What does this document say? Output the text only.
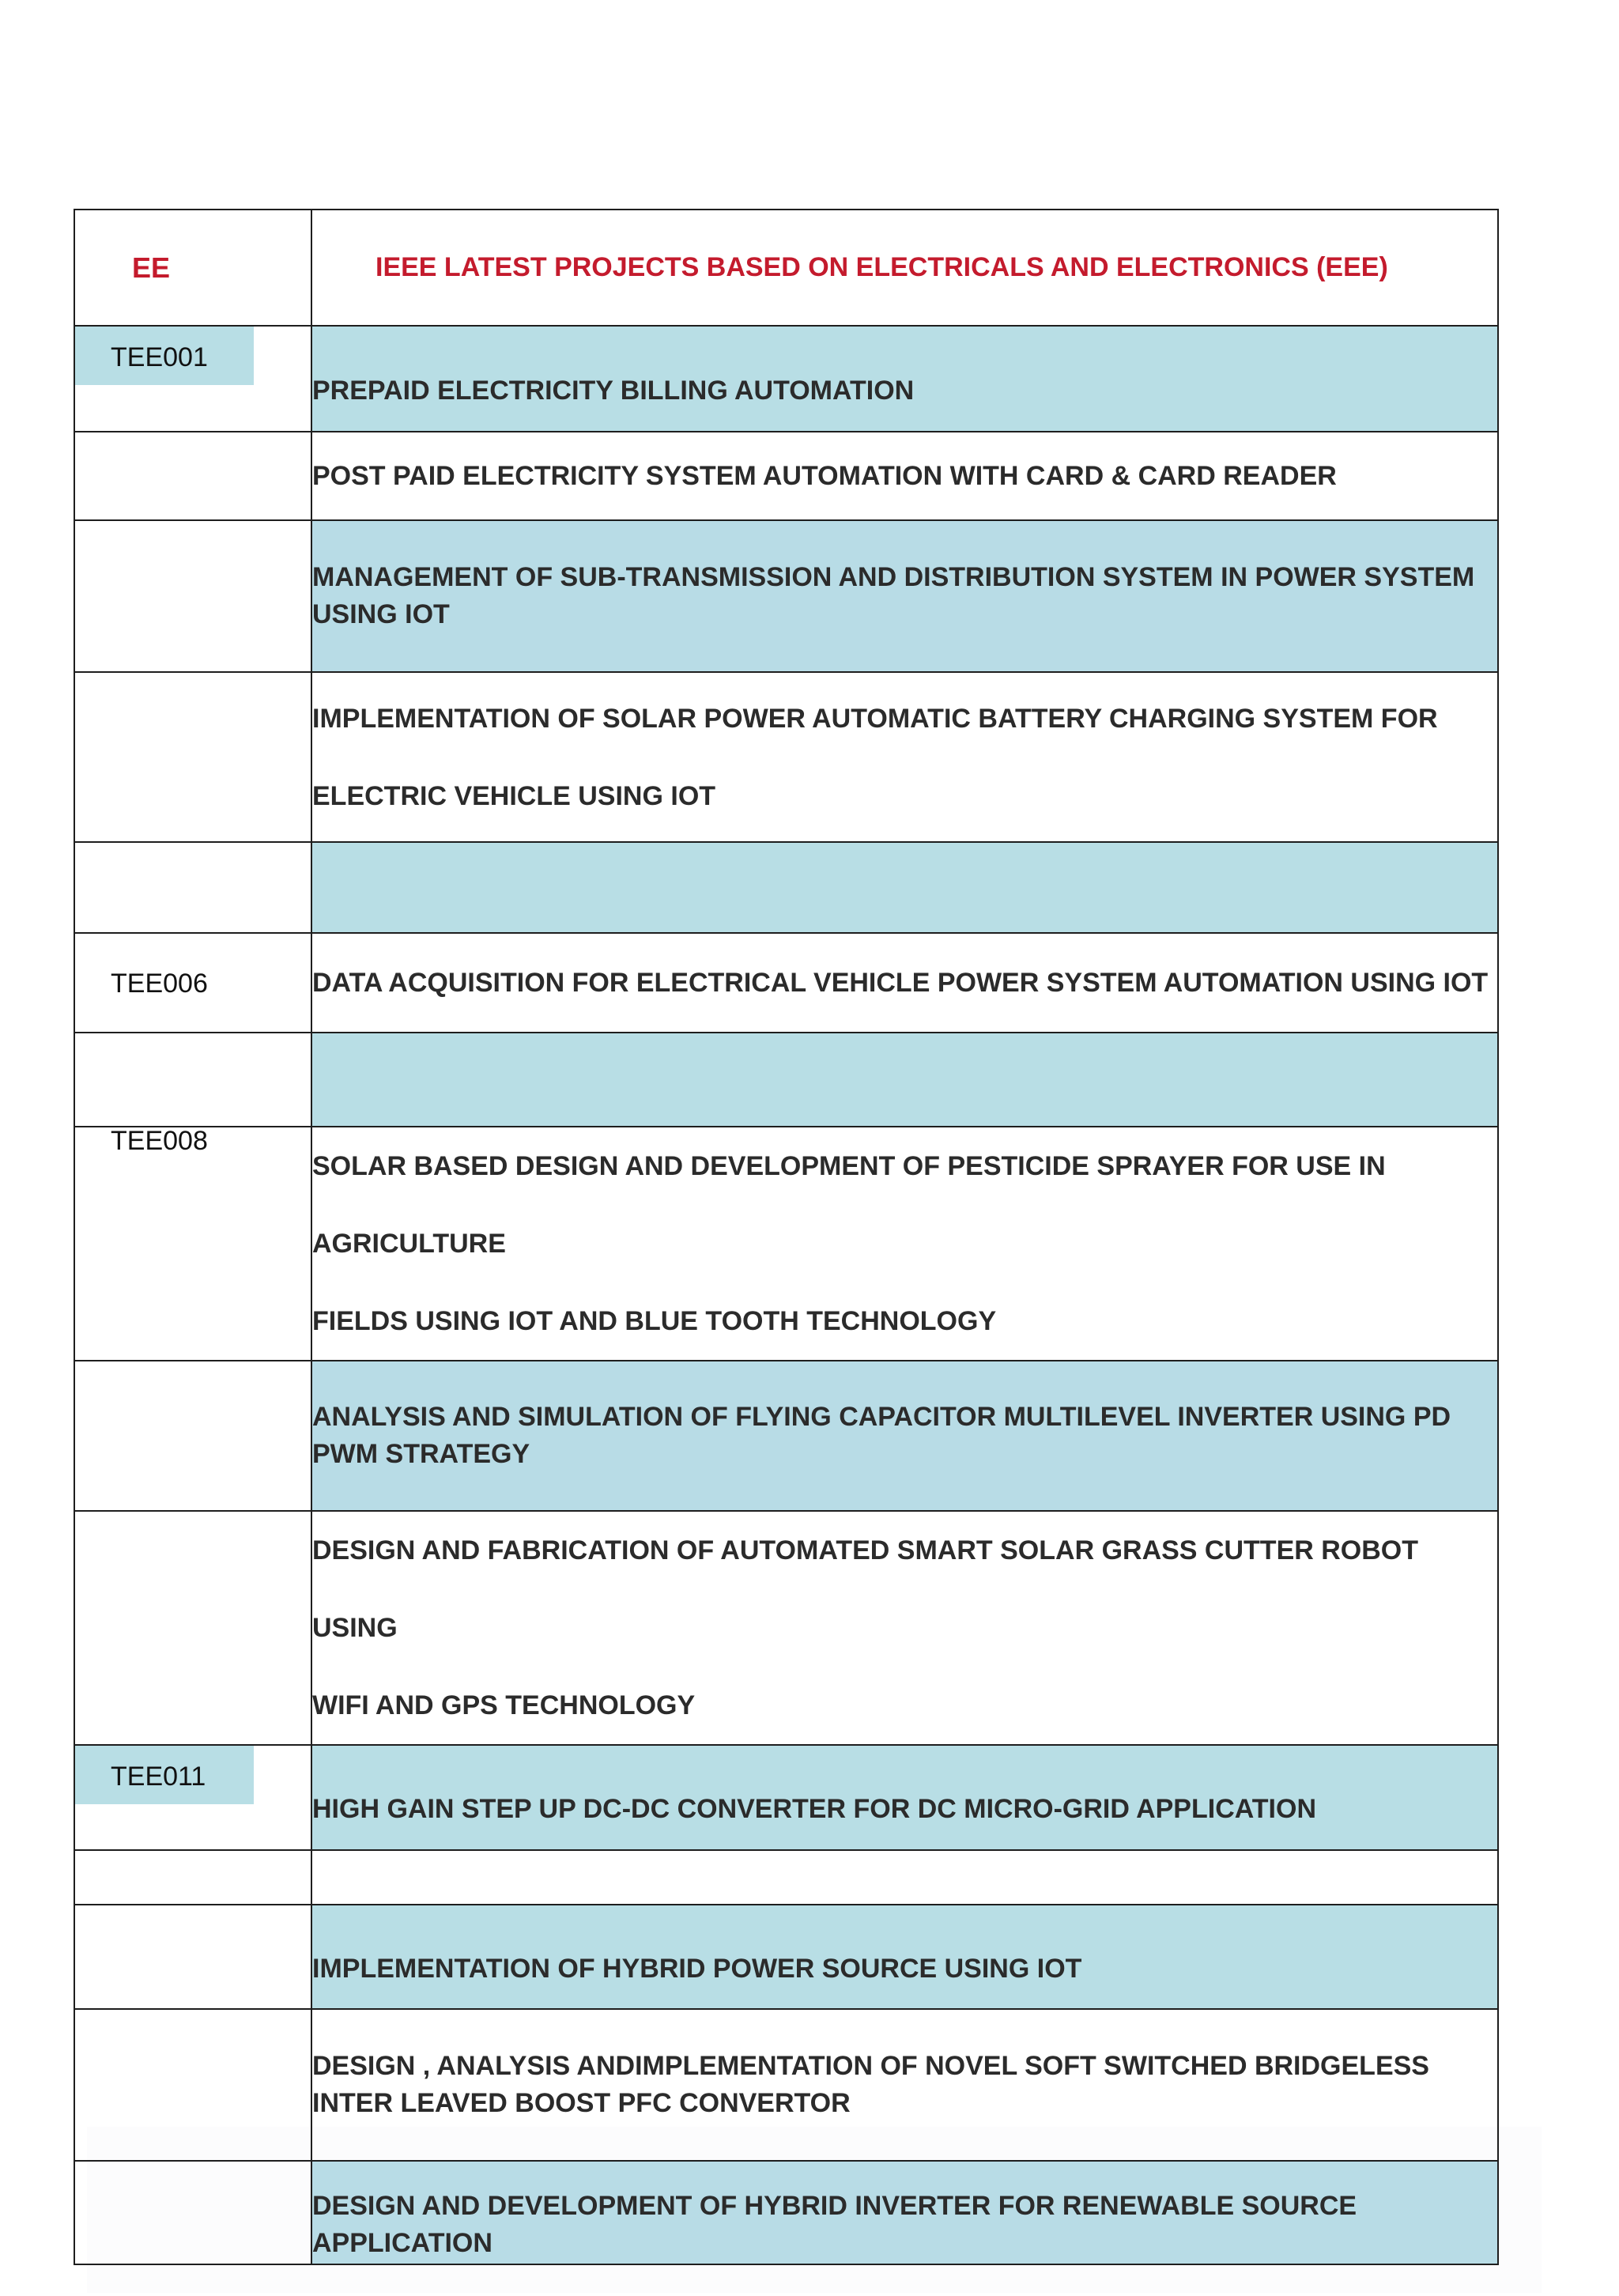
EE	IEEE LATEST PROJECTS BASED ON ELECTRICALS AND ELECTRONICS (EEE)

TEE001	PREPAID ELECTRICITY BILLING AUTOMATION
	POST PAID ELECTRICITY SYSTEM AUTOMATION WITH CARD & CARD READER
	MANAGEMENT OF SUB-TRANSMISSION AND DISTRIBUTION SYSTEM IN POWER SYSTEM USING IOT
	IMPLEMENTATION OF SOLAR POWER AUTOMATIC BATTERY CHARGING SYSTEM FOR
ELECTRIC VEHICLE USING IOT

TEE006	DATA ACQUISITION FOR ELECTRICAL VEHICLE POWER SYSTEM AUTOMATION USING IOT

TEE008	SOLAR BASED DESIGN AND DEVELOPMENT OF PESTICIDE SPRAYER FOR USE IN AGRICULTURE
FIELDS USING IOT AND BLUE TOOTH TECHNOLOGY
	ANALYSIS AND SIMULATION OF FLYING CAPACITOR MULTILEVEL INVERTER USING PD PWM STRATEGY
	DESIGN AND FABRICATION OF AUTOMATED SMART SOLAR GRASS CUTTER ROBOT USING
WIFI AND GPS TECHNOLOGY

TEE011	HIGH GAIN STEP UP DC-DC CONVERTER FOR DC MICRO-GRID APPLICATION

	IMPLEMENTATION OF HYBRID POWER SOURCE USING IOT
	DESIGN , ANALYSIS ANDIMPLEMENTATION OF NOVEL SOFT SWITCHED BRIDGELESS INTER LEAVED BOOST PFC CONVERTOR
	DESIGN AND DEVELOPMENT OF HYBRID INVERTER FOR RENEWABLE SOURCE APPLICATION
